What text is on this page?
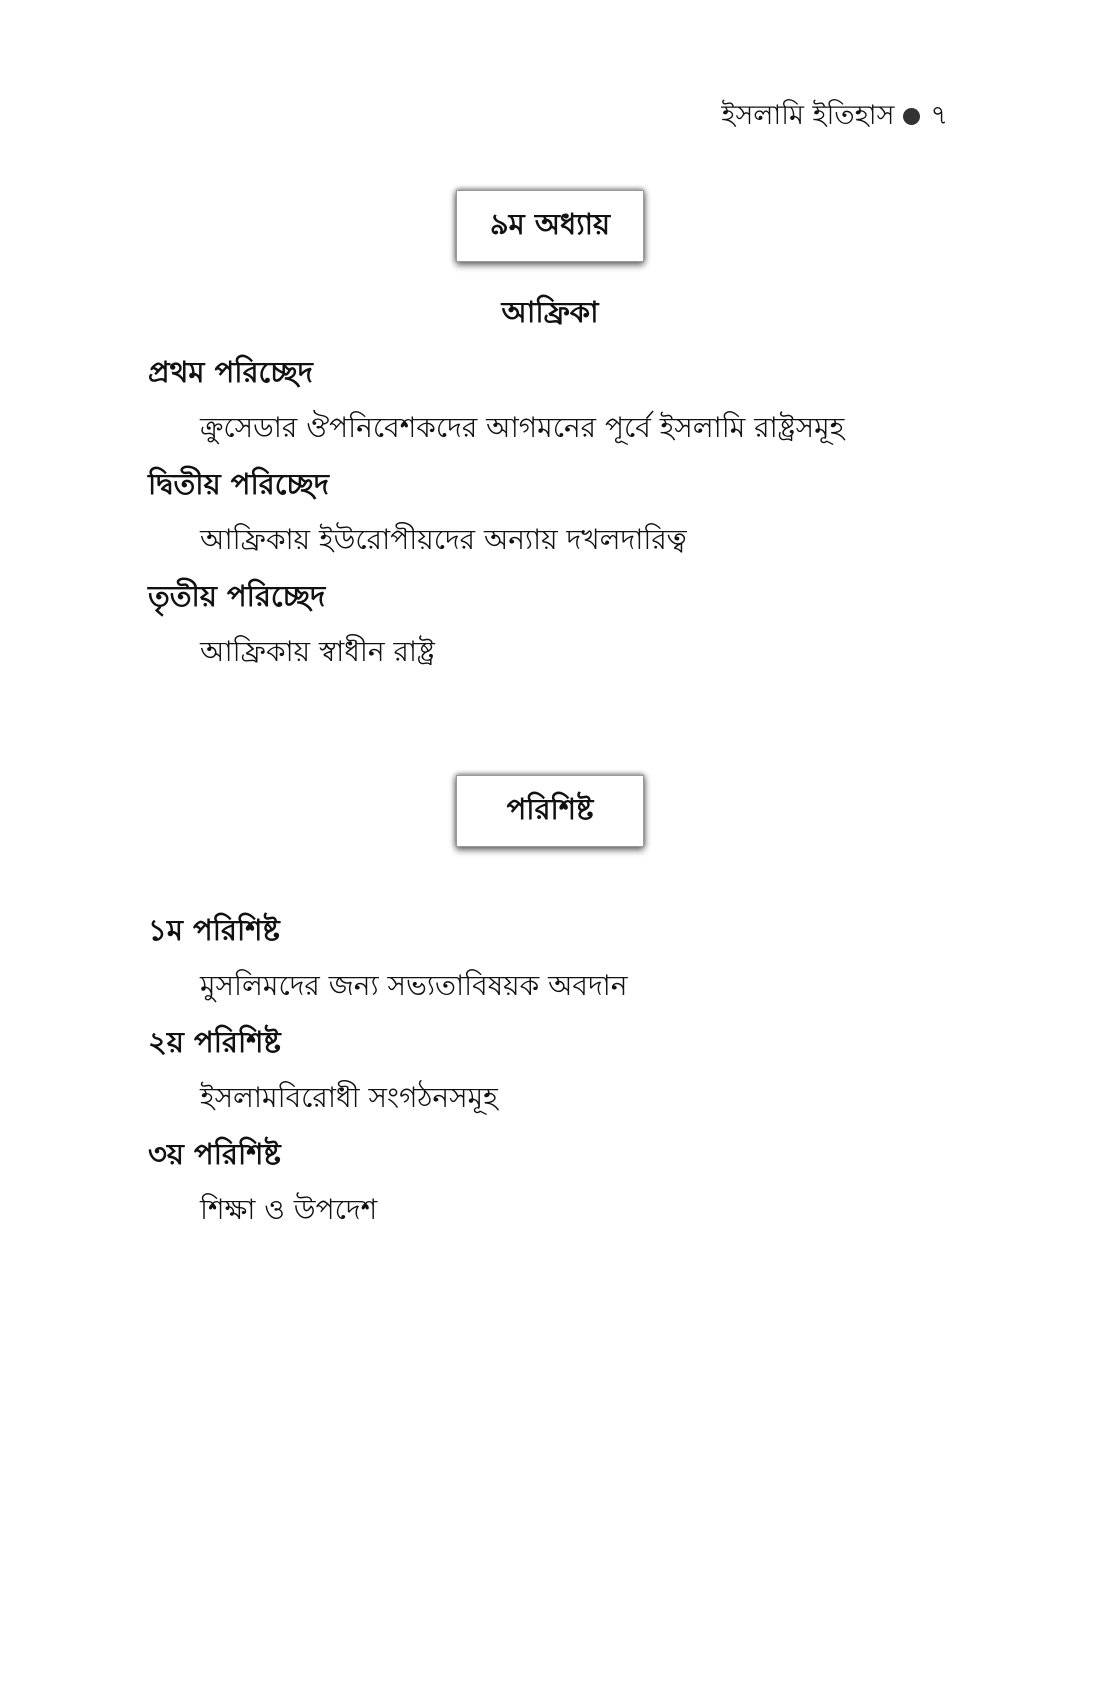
ইসলামি ইতিহাস ৭
৯ম অধ্যায়
আফ্রিকা
প্রথম পরিচ্ছেদ
ক্রুসেডার ঔপনিবেশকদের আগমনের পূর্বে ইসলামি রাষ্ট্রসমূহ
দ্বিতীয় পরিচ্ছেদ
আফ্রিকায় ইউরোপীয়দের অন্যায় দখলদারিত্ব
তৃতীয় পরিচ্ছেদ
আফ্রিকায় স্বাধীন রাষ্ট্র
পরিশিষ্ট
১ম পরিশিষ্ট
মুসলিমদের জন্য সভ্যতাবিষয়ক অবদান
২য় পরিশিষ্ট
ইসলামবিরোধী সংগঠনসমূহ
৩য় পরিশিষ্ট
শিক্ষা ও উপদেশ
